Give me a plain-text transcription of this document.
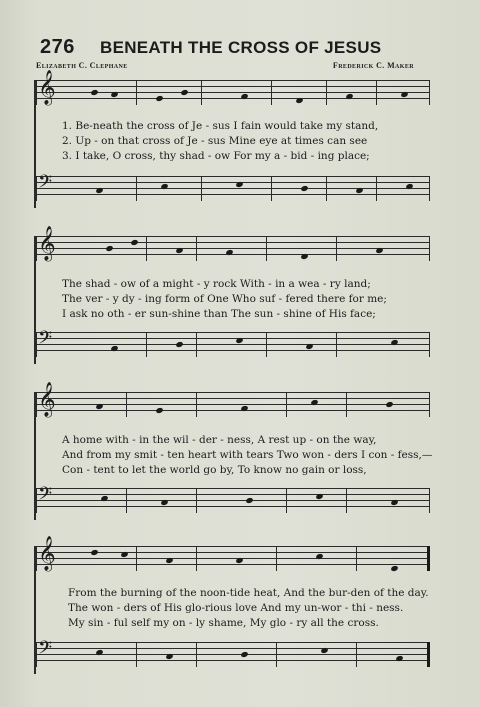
276 BENEATH THE CROSS OF JESUS
Elizabeth C. Clephane	Frederick C. Maker
𝄞
1. Be-neath the cross of Je - sus I fain would take my stand,
2. Up - on that cross of Je - sus Mine eye at times can see
3. I take, O cross, thy shad - ow For my a - bid - ing place;
𝄢
𝄞
The shad - ow of a might - y rock With - in a wea - ry land;
The ver - y dy - ing form of One Who suf - fered there for me;
I ask no oth - er sun-shine than The sun - shine of His face;
𝄢
𝄞
A home with - in the wil - der - ness, A rest up - on the way,
And from my smit - ten heart with tears Two won - ders I con - fess,—
Con - tent to let the world go by, To know no gain or loss,
𝄢
𝄞
From the burning of the noon-tide heat, And the bur-den of the day.
The won - ders of His glo-rious love And my un-wor - thi - ness.
My sin - ful self my on - ly shame, My glo - ry all the cross.
𝄢
